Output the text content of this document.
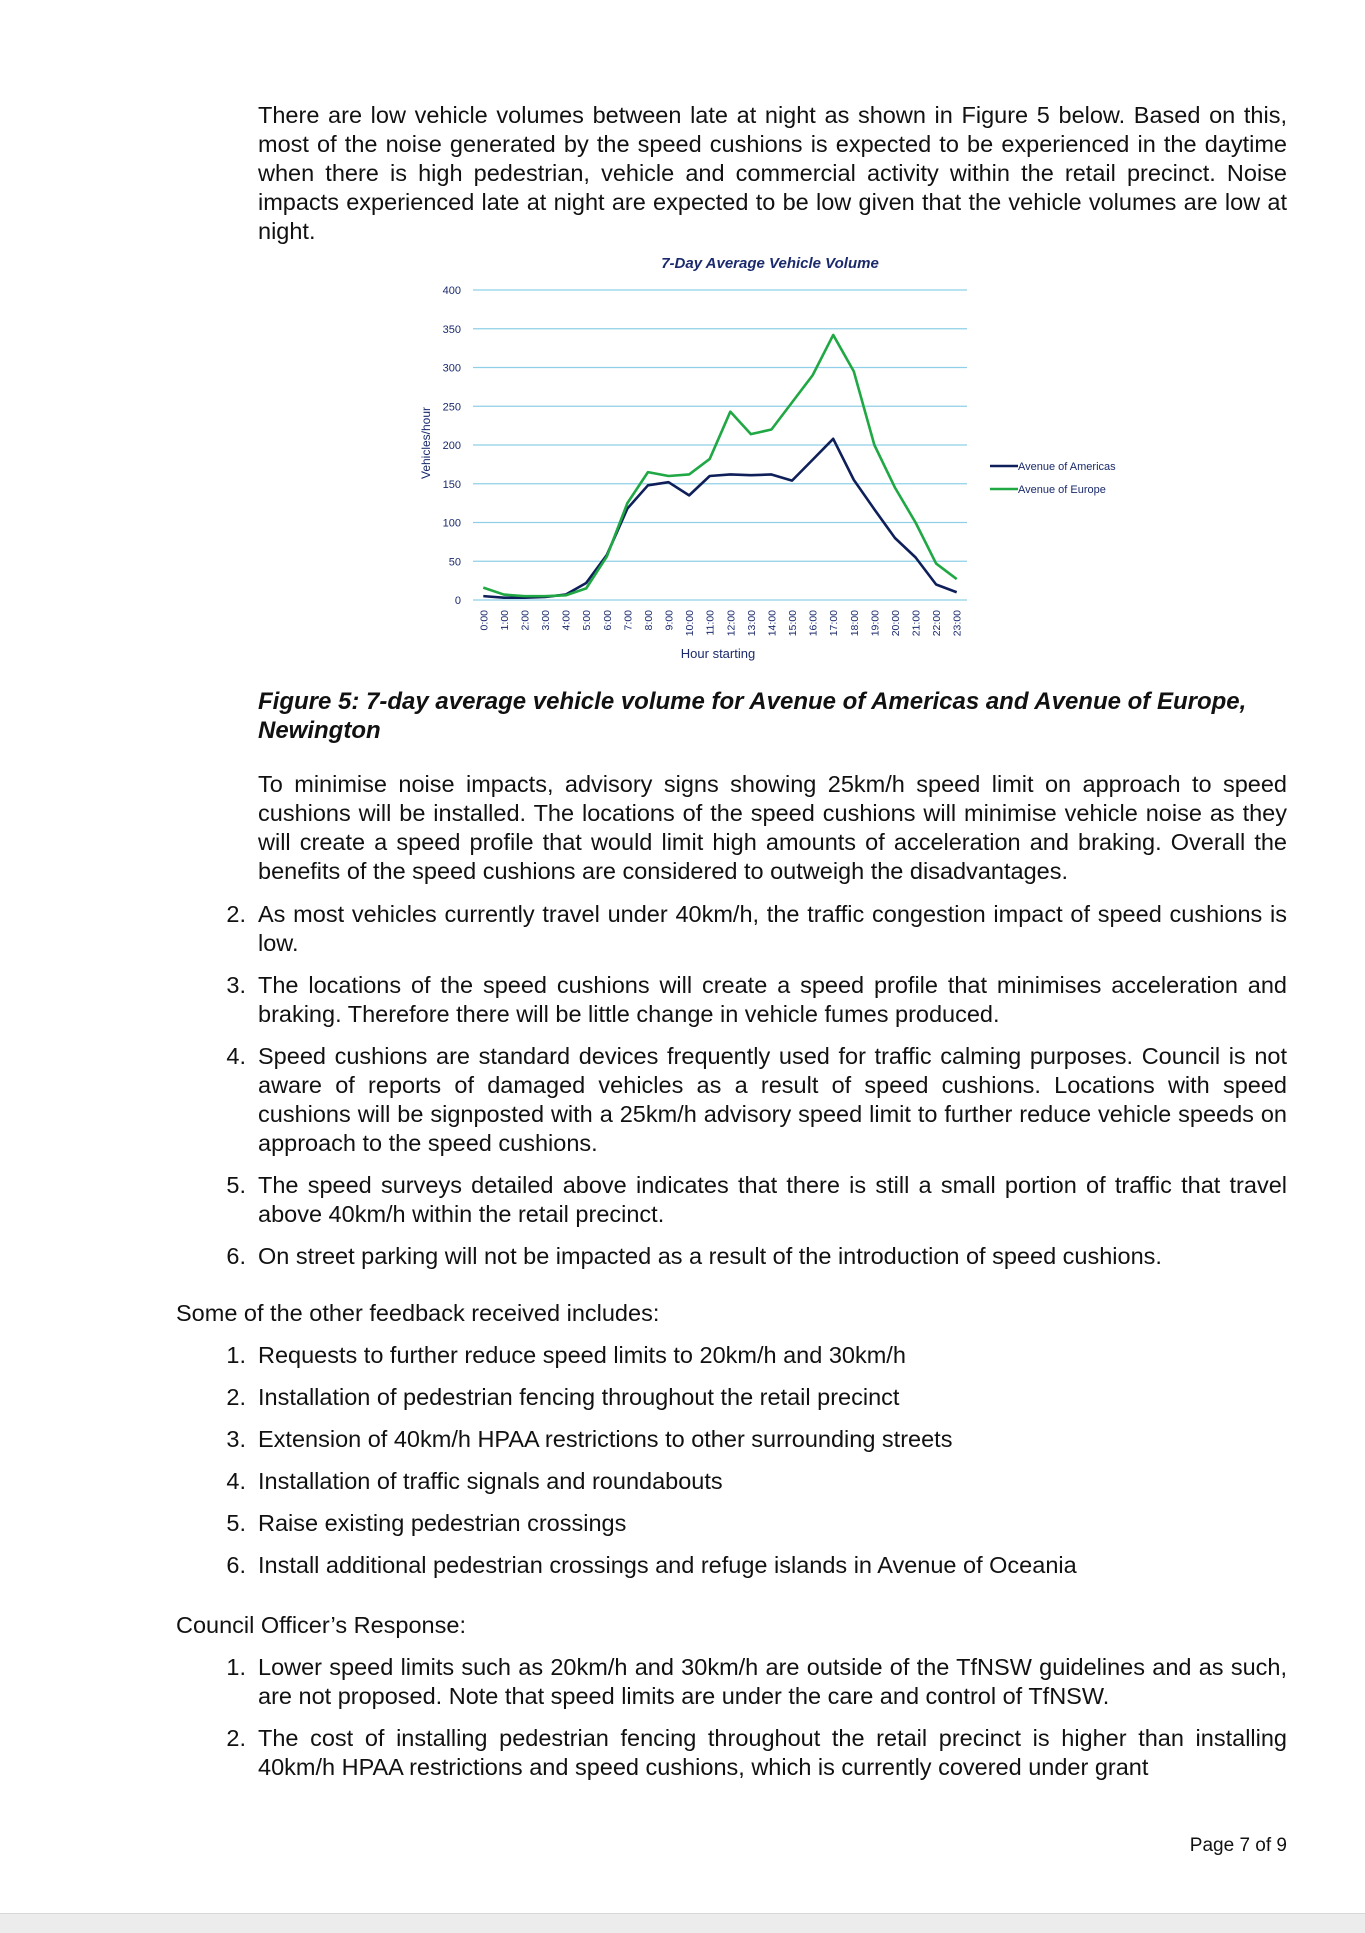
There are low vehicle volumes between late at night as shown in Figure 5 below. Based on this, most of the noise generated by the speed cushions is expected to be experienced in the daytime when there is high pedestrian, vehicle and commercial activity within the retail precinct. Noise impacts experienced late at night are expected to be low given that the vehicle volumes are low at night.
7-Day Average Vehicle Volume
0
50
100
150
200
250
300
350
400
0:00 1:00 2:00 3:00 4:00 5:00 6:00 7:00 8:00 9:00 10:00 11:00 12:00 13:00 14:00 15:00 16:00 17:00 18:00 19:00 20:00 21:00 22:00 23:00
Avenue of Americas
Avenue of Europe
Vehicles/hour
Hour starting
Figure 5: 7-day average vehicle volume for Avenue of Americas and Avenue of Europe, Newington
To minimise noise impacts, advisory signs showing 25km/h speed limit on approach to speed cushions will be installed. The locations of the speed cushions will minimise vehicle noise as they will create a speed profile that would limit high amounts of acceleration and braking. Overall the benefits of the speed cushions are considered to outweigh the disadvantages.
2. As most vehicles currently travel under 40km/h, the traffic congestion impact of speed cushions is low.
3. The locations of the speed cushions will create a speed profile that minimises acceleration and braking. Therefore there will be little change in vehicle fumes produced.
4. Speed cushions are standard devices frequently used for traffic calming purposes. Council is not aware of reports of damaged vehicles as a result of speed cushions. Locations with speed cushions will be signposted with a 25km/h advisory speed limit to further reduce vehicle speeds on approach to the speed cushions.
5. The speed surveys detailed above indicates that there is still a small portion of traffic that travel above 40km/h within the retail precinct.
6. On street parking will not be impacted as a result of the introduction of speed cushions.
Some of the other feedback received includes:
1. Requests to further reduce speed limits to 20km/h and 30km/h
2. Installation of pedestrian fencing throughout the retail precinct
3. Extension of 40km/h HPAA restrictions to other surrounding streets
4. Installation of traffic signals and roundabouts
5. Raise existing pedestrian crossings
6. Install additional pedestrian crossings and refuge islands in Avenue of Oceania
Council Officer’s Response:
1. Lower speed limits such as 20km/h and 30km/h are outside of the TfNSW guidelines and as such, are not proposed. Note that speed limits are under the care and control of TfNSW.
2. The cost of installing pedestrian fencing throughout the retail precinct is higher than installing 40km/h HPAA restrictions and speed cushions, which is currently covered under grant
Page 7 of 9
